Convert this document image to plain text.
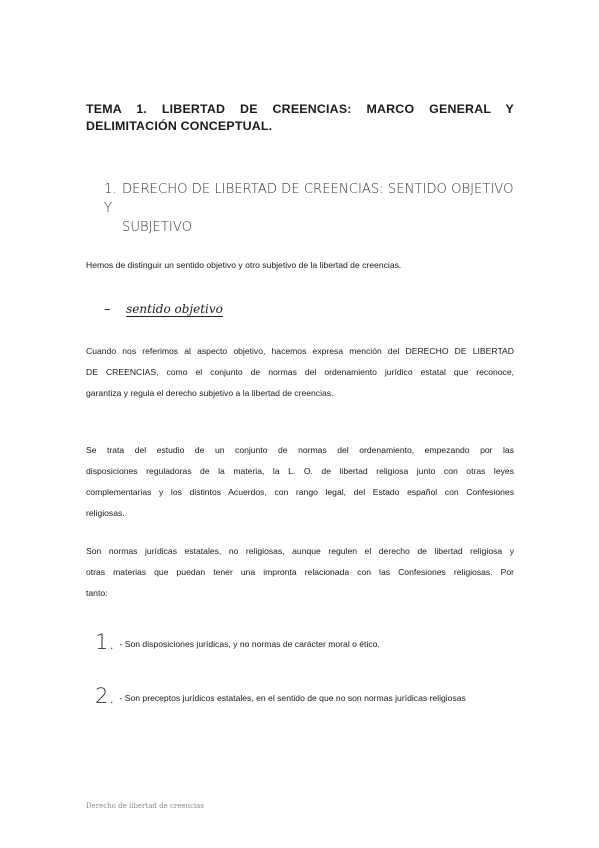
TEMA 1. LIBERTAD DE CREENCIAS: MARCO GENERAL Y
DELIMITACIÓN CONCEPTUAL.
1. DERECHO DE LIBERTAD DE CREENCIAS: SENTIDO OBJETIVO Y
SUBJETIVO

Hemos de distinguir un sentido objetivo y otro subjetivo de la libertad de creencias.

– sentido objetivo

Cuando nos referimos al aspecto objetivo, hacemos expresa mención del DERECHO DE LIBERTAD
DE CREENCIAS, como el conjunto de normas del ordenamiento jurídico estatal que reconoce,
garantiza y regula el derecho subjetivo a la libertad de creencias.

Se trata del estudio de un conjunto de normas del ordenamiento, empezando por las
disposiciones reguladoras de la materia, la L. O. de libertad religiosa junto con otras leyes
complementarias y los distintos Acuerdos, con rango legal, del Estado español con Confesiones
religiosas.

Son normas jurídicas estatales, no religiosas, aunque regulen el derecho de libertad religiosa y
otras materias que puedan tener una impronta relacionada con las Confesiones religiosas. Por
tanto:

1. - Son disposiciones jurídicas, y no normas de carácter moral o ético.
2. - Son preceptos jurídicos estatales, en el sentido de que no son normas jurídicas religiosas
Derecho de libertad de creencias
